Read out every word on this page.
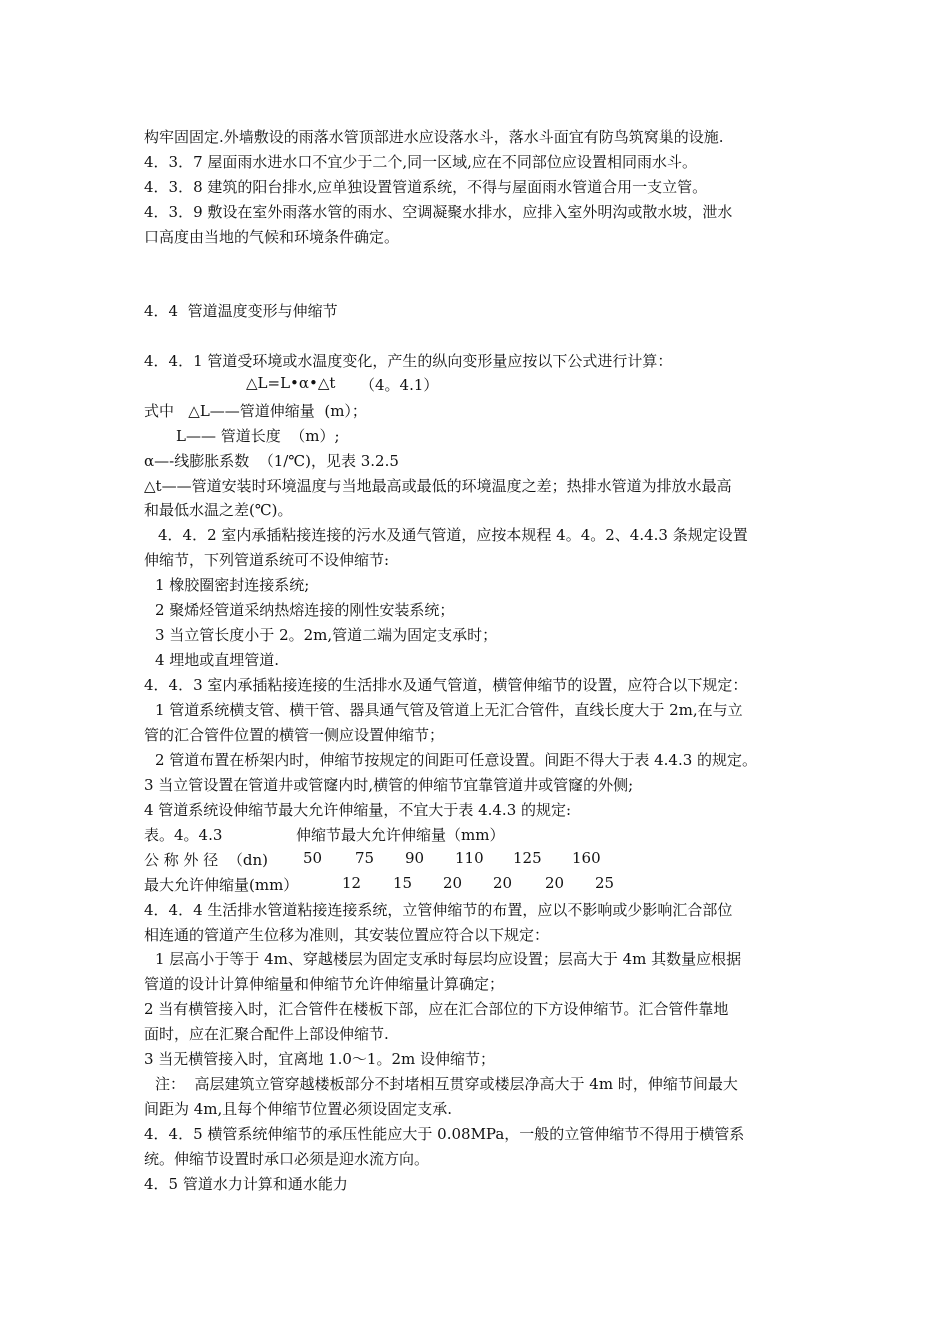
构牢固固定.外墙敷设的雨落水管顶部进水应设落水斗，落水斗面宜有防鸟筑窝巢的设施.
4．3．7 屋面雨水进水口不宜少于二个,同一区域,应在不同部位应设置相同雨水斗。
4．3．8 建筑的阳台排水,应单独设置管道系统，不得与屋面雨水管道合用一支立管。
4．3．9 敷设在室外雨落水管的雨水、空调凝聚水排水，应排入室外明沟或散水坡，泄水
口高度由当地的气候和环境条件确定。
4．4  管道温度变形与伸缩节
4．4．1 管道受环境或水温度变化，产生的纵向变形量应按以下公式进行计算：
△L=L•α•△t （4。4.1）
式中   △L——管道伸缩量  (m）；
L—— 管道长度  （m）;
α—-线膨胀系数  （1/℃)，见表 3.2.5
△t——管道安装时环境温度与当地最高或最低的环境温度之差；热排水管道为排放水最高
和最低水温之差(℃)。
4．4．2 室内承插粘接连接的污水及通气管道，应按本规程 4。4。2、4.4.3 条规定设置
伸缩节，下列管道系统可不设伸缩节:
1 橡胶圈密封连接系统;
2 聚烯烃管道采纳热熔连接的刚性安装系统；
3 当立管长度小于 2。2m,管道二端为固定支承时；
4 埋地或直埋管道.
4．4．3 室内承插粘接连接的生活排水及通气管道，横管伸缩节的设置，应符合以下规定：
1 管道系统横支管、横干管、器具通气管及管道上无汇合管件，直线长度大于 2m,在与立
管的汇合管件位置的横管一侧应设置伸缩节；
2 管道布置在桥架内时，伸缩节按规定的间距可任意设置。间距不得大于表 4.4.3 的规定。
3 当立管设置在管道井或管窿内时,横管的伸缩节宜靠管道井或管窿的外侧;
4 管道系统设伸缩节最大允许伸缩量，不宜大于表 4.4.3 的规定:
表。4。4.3	伸缩节最大允许伸缩量（mm）
公 称 外 径  （dn) 50 75 90 110 125 160
最大允许伸缩量(mm）	12 15 20 20 20 25
4．4．4 生活排水管道粘接连接系统，立管伸缩节的布置，应以不影响或少影响汇合部位
相连通的管道产生位移为准则，其安装位置应符合以下规定：
1 层高小于等于 4m、穿越楼层为固定支承时每层均应设置；层高大于 4m 其数量应根据
管道的设计计算伸缩量和伸缩节允许伸缩量计算确定；
2 当有横管接入时，汇合管件在楼板下部，应在汇合部位的下方设伸缩节。汇合管件靠地
面时，应在汇聚合配件上部设伸缩节.
3 当无横管接入时，宜离地 1.0～1。2m 设伸缩节；
注：  高层建筑立管穿越楼板部分不封堵相互贯穿或楼层净高大于 4m 时，伸缩节间最大
间距为 4m,且每个伸缩节位置必须设固定支承.
4．4．5 横管系统伸缩节的承压性能应大于 0.08MPa，一般的立管伸缩节不得用于横管系
统。伸缩节设置时承口必须是迎水流方向。
4．5 管道水力计算和通水能力
